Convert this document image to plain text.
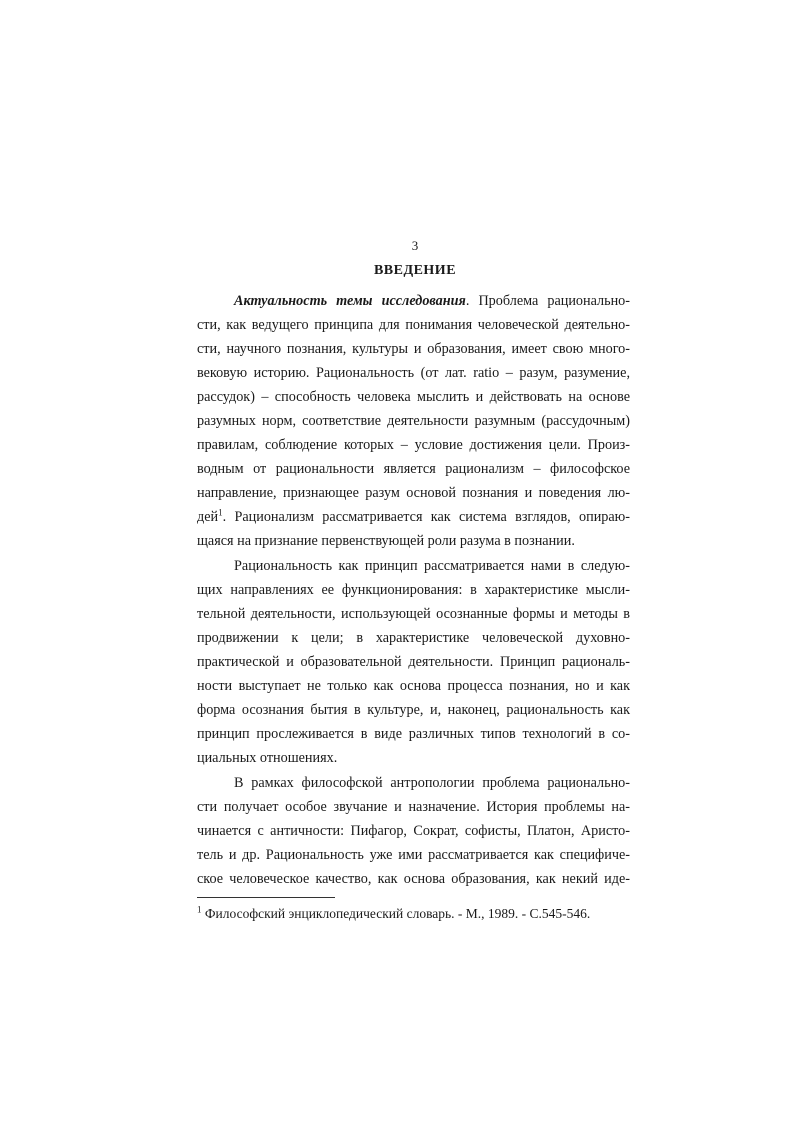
3
ВВЕДЕНИЕ
Актуальность темы исследования. Проблема рациональнo-
сти, как ведущего принципа для понимания человеческой деятельно-
сти, научного познания, культуры и образования, имеет свою много-
вековую историю. Рациональность (от лат. ratio – разум, разумение,
рассудок) – способность человека мыслить и действовать на основе
разумных норм, соответствие деятельности разумным (рассудочным)
правилам, соблюдение которых – условие достижения цели. Произ-
водным от рациональности является рационализм – философское
направление, признающее разум основой познания и поведения лю-
дей$^1$. Рационализм рассматривается как система взглядов, опираю-
щаяся на признание первенствующей роли разума в познании.
Рациональность как принцип рассматривается нами в следую-
щих направлениях ее функционирования: в характеристике мысли-
тельной деятельности, использующей осознанные формы и методы в
продвижении к цели; в характеристике человеческой духовно-
практической и образовательной деятельности. Принцип рациональ-
ности выступает не только как основа процесса познания, но и как
форма осознания бытия в культуре, и, наконец, рациональность как
принцип прослеживается в виде различных типов технологий в со-
циальных отношениях.
В рамках философской антропологии проблема рациональнo-
сти получает особое звучание и назначение. История проблемы на-
чинается с античности: Пифагор, Сократ, софисты, Платон, Аристо-
тель и др. Рациональность уже ими рассматривается как специфиче-
ское человеческое качество, как основа образования, как некий иде-
$^1$ Философский энциклопедический словарь. - М., 1989. - С.545-546.
